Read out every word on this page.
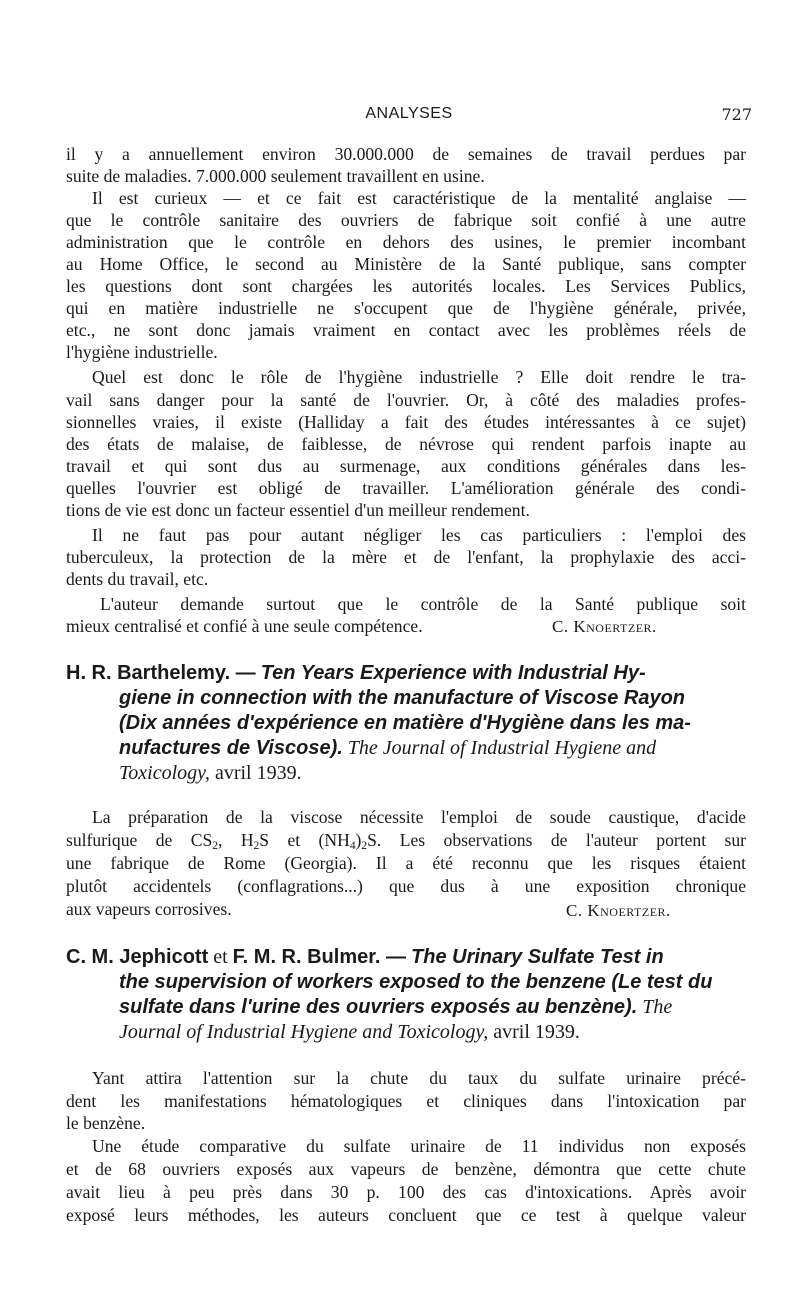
ANALYSES	727
il y a annuellement environ 30.000.000 de semaines de travail perdues par
suite de maladies. 7.000.000 seulement travaillent en usine.
Il est curieux — et ce fait est caractéristique de la mentalité anglaise —
que le contrôle sanitaire des ouvriers de fabrique soit confié à une autre
administration que le contrôle en dehors des usines, le premier incombant
au Home Office, le second au Ministère de la Santé publique, sans compter
les questions dont sont chargées les autorités locales. Les Services Publics,
qui en matière industrielle ne s'occupent que de l'hygiène générale, privée,
etc., ne sont donc jamais vraiment en contact avec les problèmes réels de
l'hygiène industrielle.
Quel est donc le rôle de l'hygiène industrielle ? Elle doit rendre le tra-
vail sans danger pour la santé de l'ouvrier. Or, à côté des maladies profes-
sionnelles vraies, il existe (Halliday a fait des études intéressantes à ce sujet)
des états de malaise, de faiblesse, de névrose qui rendent parfois inapte au
travail et qui sont dus au surmenage, aux conditions générales dans les-
quelles l'ouvrier est obligé de travailler. L'amélioration générale des condi-
tions de vie est donc un facteur essentiel d'un meilleur rendement.
Il ne faut pas pour autant négliger les cas particuliers : l'emploi des
tuberculeux, la protection de la mère et de l'enfant, la prophylaxie des acci-
dents du travail, etc.
L'auteur demande surtout que le contrôle de la Santé publique soit
mieux centralisé et confié à une seule compétence.	C. Knoertzer.
H. R. Barthelemy. — Ten Years Experience with Industrial Hy-
giene in connection with the manufacture of Viscose Rayon
(Dix années d'expérience en matière d'Hygiène dans les ma-
nufactures de Viscose). The Journal of Industrial Hygiene and
Toxicology, avril 1939.
La préparation de la viscose nécessite l'emploi de soude caustique, d'acide
sulfurique de $CS_2$, $H_2S$ et $(NH_4)_2S$. Les observations de l'auteur portent sur
une fabrique de Rome (Georgia). Il a été reconnu que les risques étaient
plutôt accidentels (conflagrations...) que dus à une exposition chronique
aux vapeurs corrosives.	C. Knoertzer.
C. M. Jephicott et F. M. R. Bulmer. — The Urinary Sulfate Test in
the supervision of workers exposed to the benzene (Le test du
sulfate dans l'urine des ouvriers exposés au benzène). The
Journal of Industrial Hygiene and Toxicology, avril 1939.
Yant attira l'attention sur la chute du taux du sulfate urinaire précé-
dent les manifestations hématologiques et cliniques dans l'intoxication par
le benzène.
Une étude comparative du sulfate urinaire de 11 individus non exposés
et de 68 ouvriers exposés aux vapeurs de benzène, démontra que cette chute
avait lieu à peu près dans 30 p. 100 des cas d'intoxications. Après avoir
exposé leurs méthodes, les auteurs concluent que ce test à quelque valeur
